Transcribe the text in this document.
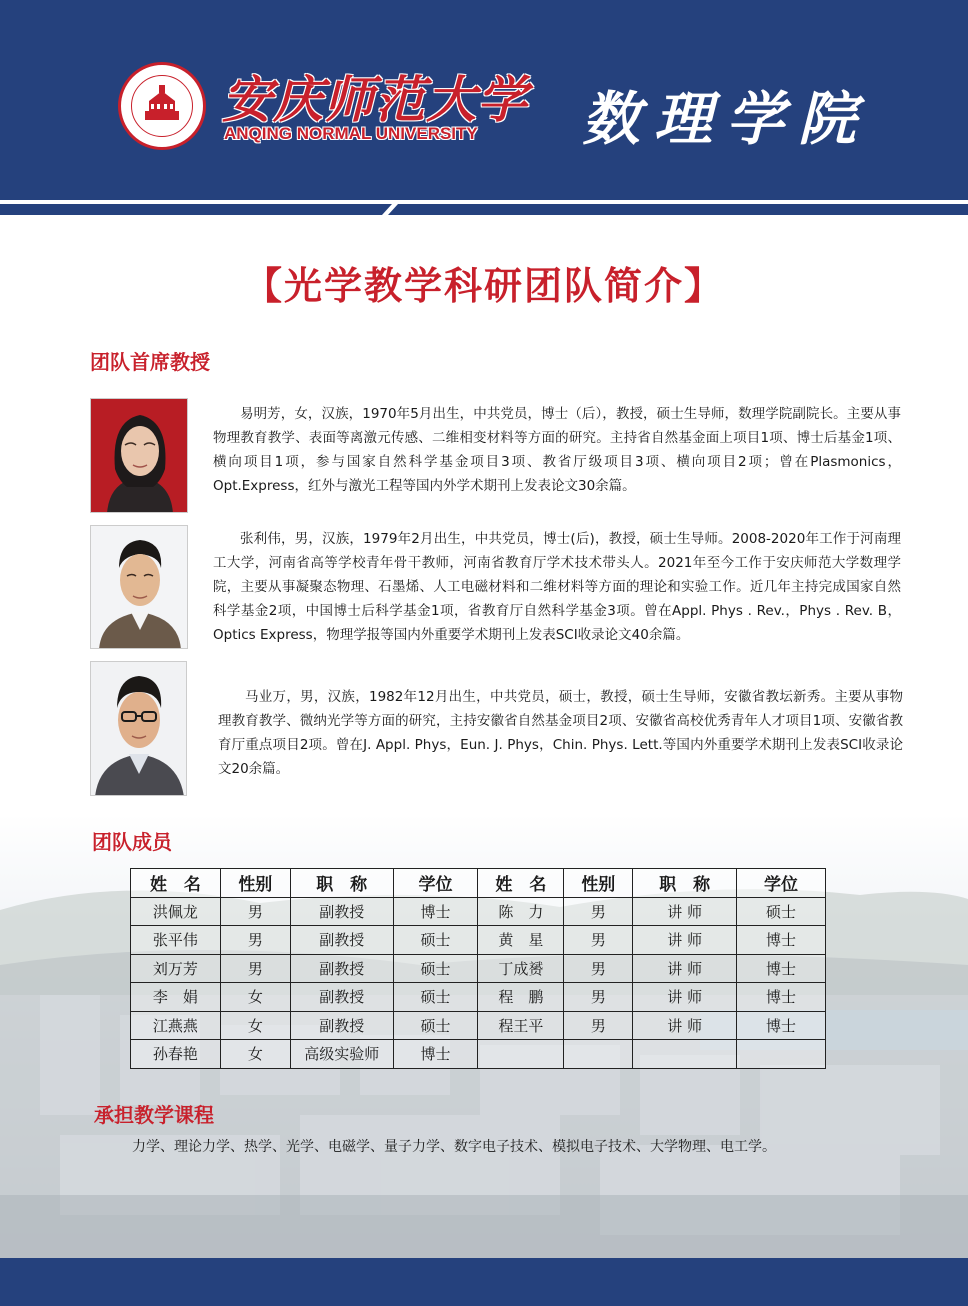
安庆师范大学
ANQING NORMAL UNIVERSITY	数理学院
【光学教学科研团队简介】
团队首席教授

易明芳，女，汉族，1970年5月出生，中共党员，博士（后），教授，硕士生导师，数理学院副院长。主要从事物理教育教学、表面等离激元传感、二维相变材料等方面的研究。主持省自然基金面上项目1项、博士后基金1项、横向项目1项，参与国家自然科学基金项目3项、教省厅级项目3项、横向项目2项；曾在Plasmonics，Opt.Express，红外与激光工程等国内外学术期刊上发表论文30余篇。

张利伟，男，汉族，1979年2月出生，中共党员，博士(后)，教授，硕士生导师。2008-2020年工作于河南理工大学，河南省高等学校青年骨干教师，河南省教育厅学术技术带头人。2021年至今工作于安庆师范大学数理学院，主要从事凝聚态物理、石墨烯、人工电磁材料和二维材料等方面的理论和实验工作。近几年主持完成国家自然科学基金2项，中国博士后科学基金1项，省教育厅自然科学基金3项。曾在Appl. Phys . Rev.，Phys . Rev. B，Optics Express，物理学报等国内外重要学术期刊上发表SCI收录论文40余篇。

马业万，男，汉族，1982年12月出生，中共党员，硕士，教授，硕士生导师，安徽省教坛新秀。主要从事物理教育教学、微纳光学等方面的研究，主持安徽省自然基金项目2项、安徽省高校优秀青年人才项目1项、安徽省教育厅重点项目2项。曾在J. Appl. Phys，Eun. J. Phys，Chin. Phys. Lett.等国内外重要学术期刊上发表SCI收录论文20余篇。

团队成员
姓　名	性别	职　称	学位	姓　名	性别	职　称	学位
洪佩龙	男	副教授	博士	陈　力	男	讲 师	硕士
张平伟	男	副教授	硕士	黄　星	男	讲 师	博士
刘万芳	男	副教授	硕士	丁成赟	男	讲 师	博士
李　娟	女	副教授	硕士	程　鹏	男	讲 师	博士
江燕燕	女	副教授	硕士	程王平	男	讲 师	博士
孙春艳	女	高级实验师	博士				
承担教学课程
力学、理论力学、热学、光学、电磁学、量子力学、数字电子技术、模拟电子技术、大学物理、电工学。
